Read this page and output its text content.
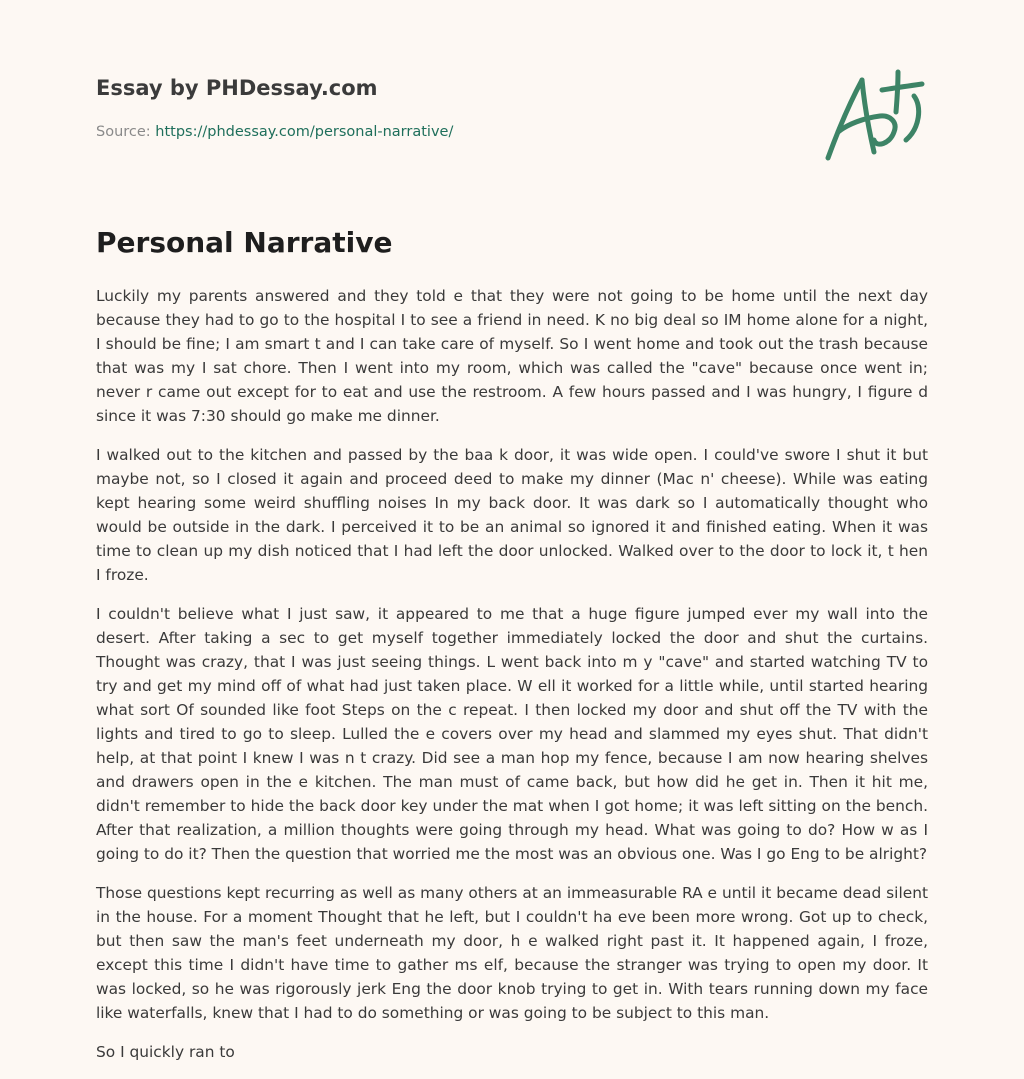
Essay by PHDessay.com
Source: https://phdessay.com/personal-narrative/
Personal Narrative

Luckily my parents answered and they told e that they were not going to be home until the next day because they had to go to the hospital I to see a friend in need. K no big deal so IM home alone for a night, I should be fine; I am smart t and I can take care of myself. So I went home and took out the trash because that was my I sat chore. Then I went into my room, which was called the "cave" because once went in; never r came out except for to eat and use the restroom. A few hours passed and I was hungry, I figure d since it was 7:30 should go make me dinner.

I walked out to the kitchen and passed by the baa k door, it was wide open. I could've swore I shut it but maybe not, so I closed it again and proceed deed to make my dinner (Mac n' cheese). While was eating kept hearing some weird shuffling noises In my back door. It was dark so I automatically thought who would be outside in the dark. I perceived it to be an animal so ignored it and finished eating. When it was time to clean up my dish noticed that I had left the door unlocked. Walked over to the door to lock it, t hen I froze.

I couldn't believe what I just saw, it appeared to me that a huge figure jumped ever my wall into the desert. After taking a sec to get myself together immediately locked the door and shut the curtains. Thought was crazy, that I was just seeing things. L went back into m y "cave" and started watching TV to try and get my mind off of what had just taken place. W ell it worked for a little while, until started hearing what sort Of sounded like foot Steps on the c repeat. I then locked my door and shut off the TV with the lights and tired to go to sleep. Lulled the e covers over my head and slammed my eyes shut. That didn't help, at that point I knew I was n t crazy. Did see a man hop my fence, because I am now hearing shelves and drawers open in the e kitchen. The man must of came back, but how did he get in. Then it hit me, didn't remember to hide the back door key under the mat when I got home; it was left sitting on the bench. After that realization, a million thoughts were going through my head. What was going to do? How w as I going to do it? Then the question that worried me the most was an obvious one. Was I go Eng to be alright?

Those questions kept recurring as well as many others at an immeasurable RA e until it became dead silent in the house. For a moment Thought that he left, but I couldn't ha eve been more wrong. Got up to check, but then saw the man's feet underneath my door, h e walked right past it. It happened again, I froze, except this time I didn't have time to gather ms elf, because the stranger was trying to open my door. It was locked, so he was rigorously jerk Eng the door knob trying to get in. With tears running down my face like waterfalls, knew that I had to do something or was going to be subject to this man.

So I quickly ran to
